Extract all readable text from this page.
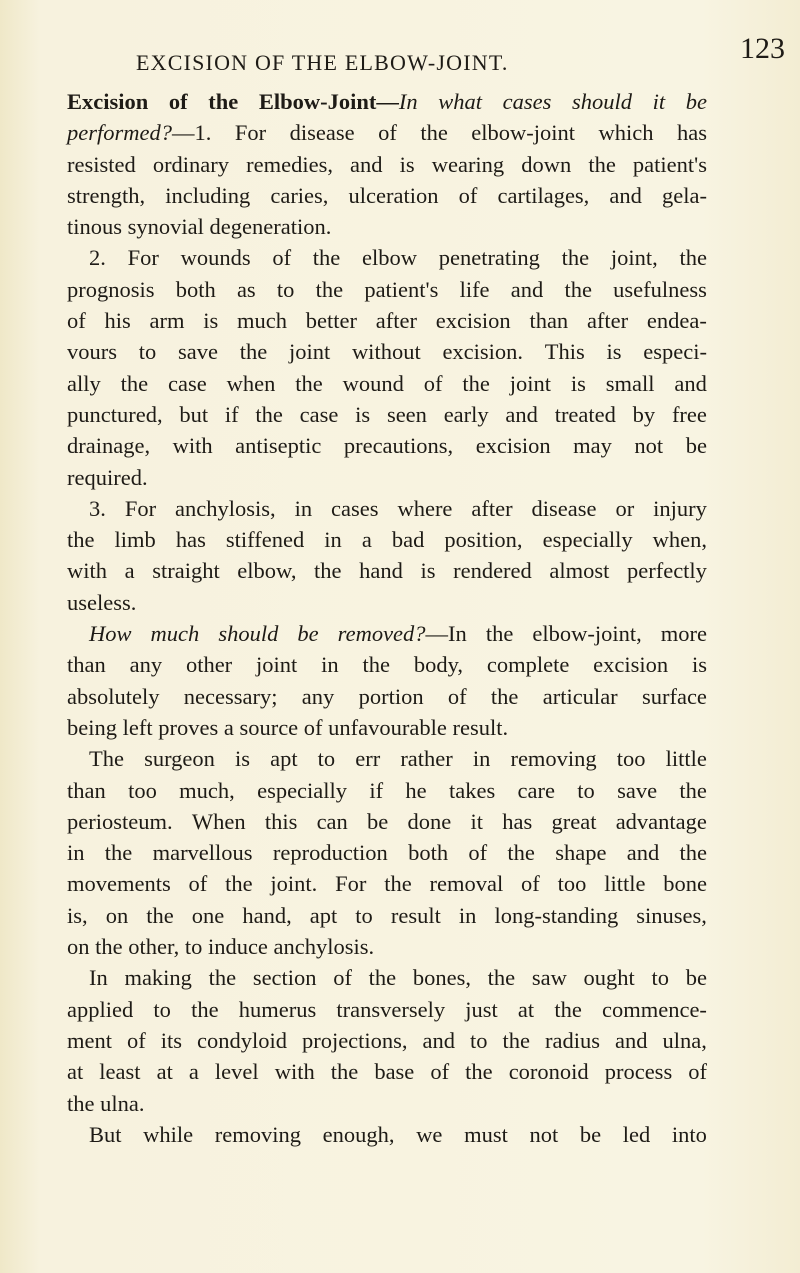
EXCISION OF THE ELBOW-JOINT.	123
Excision of the Elbow-Joint—In what cases should it be
performed?—1. For disease of the elbow-joint which has
resisted ordinary remedies, and is wearing down the patient's
strength, including caries, ulceration of cartilages, and gela-
tinous synovial degeneration.
2. For wounds of the elbow penetrating the joint, the
prognosis both as to the patient's life and the usefulness
of his arm is much better after excision than after endea-
vours to save the joint without excision. This is especi-
ally the case when the wound of the joint is small and
punctured, but if the case is seen early and treated by free
drainage, with antiseptic precautions, excision may not be
required.
3. For anchylosis, in cases where after disease or injury
the limb has stiffened in a bad position, especially when,
with a straight elbow, the hand is rendered almost perfectly
useless.
How much should be removed?—In the elbow-joint, more
than any other joint in the body, complete excision is
absolutely necessary; any portion of the articular surface
being left proves a source of unfavourable result.
The surgeon is apt to err rather in removing too little
than too much, especially if he takes care to save the
periosteum. When this can be done it has great advantage
in the marvellous reproduction both of the shape and the
movements of the joint. For the removal of too little bone
is, on the one hand, apt to result in long-standing sinuses,
on the other, to induce anchylosis.
In making the section of the bones, the saw ought to be
applied to the humerus transversely just at the commence-
ment of its condyloid projections, and to the radius and ulna,
at least at a level with the base of the coronoid process of
the ulna.
But while removing enough, we must not be led into
